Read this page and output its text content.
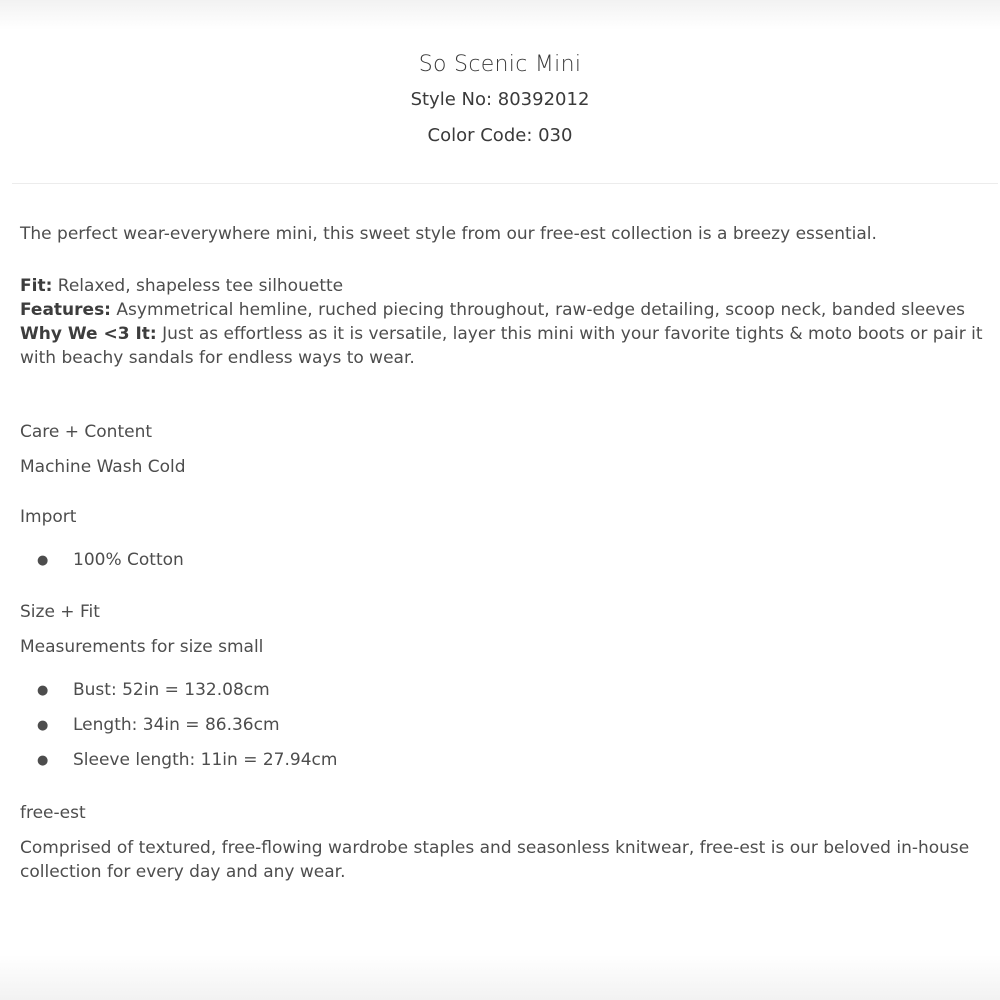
So Scenic Mini
Style No: 80392012
Color Code: 030

The perfect wear-everywhere mini, this sweet style from our free-est collection is a breezy essential.

Fit: Relaxed, shapeless tee silhouette

Features: Asymmetrical hemline, ruched piecing throughout, raw-edge detailing, scoop neck, banded sleeves

Why We <3 It: Just as effortless as it is versatile, layer this mini with your favorite tights & moto boots or pair it with beachy sandals for endless ways to wear.

Care + Content

Machine Wash Cold

Import

● 100% Cotton

Size + Fit

Measurements for size small

● Bust: 52in = 132.08cm
● Length: 34in = 86.36cm
● Sleeve length: 11in = 27.94cm

free-est

Comprised of textured, free-flowing wardrobe staples and seasonless knitwear, free-est is our beloved in-house collection for every day and any wear.
